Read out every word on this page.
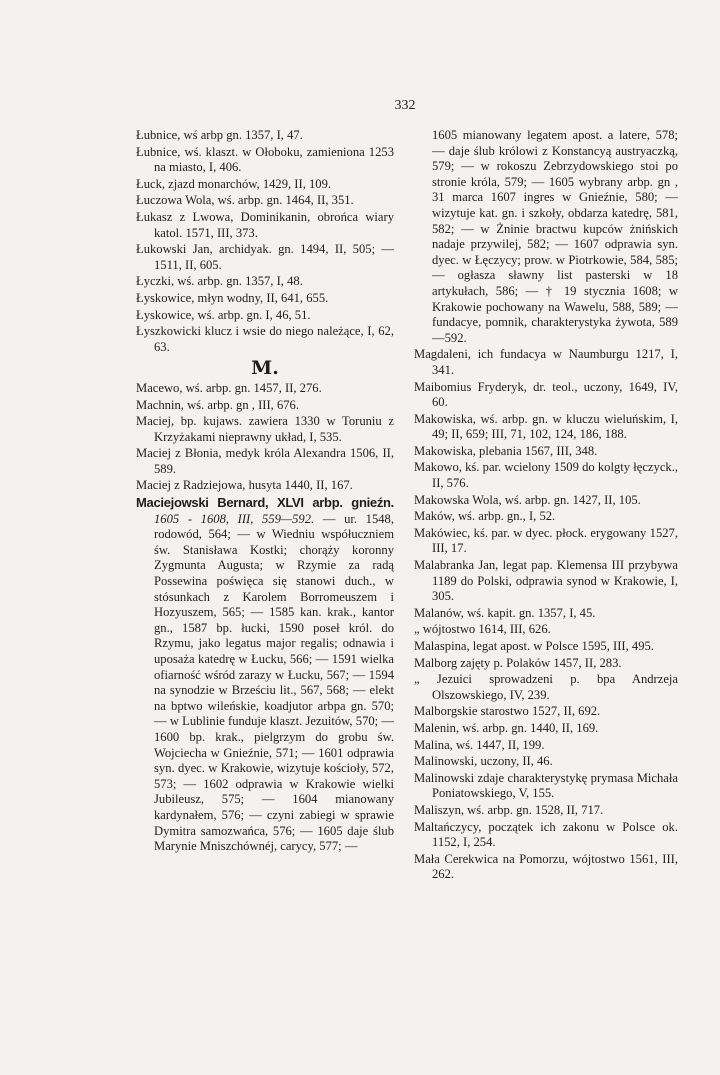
332

Łubnice, wś arbp gn. 1357, I, 47.

Łubnice, wś. klaszt. w Ołoboku, zamieniona 1253 na miasto, I, 406.

Łuck, zjazd monarchów, 1429, II, 109.

Łuczowa Wola, wś. arbp. gn. 1464, II, 351.

Łukasz z Lwowa, Dominikanin, obrońca wiary katol. 1571, III, 373.

Łukowski Jan, archidyak. gn. 1494, II, 505; — 1511, II, 605.

Łyczki, wś. arbp. gn. 1357, I, 48.

Łyskowice, młyn wodny, II, 641, 655.

Łyskowice, wś. arbp. gn. I, 46, 51.

Łyszkowicki klucz i wsie do niego należące, I, 62, 63.

M.

Macewo, wś. arbp. gn. 1457, II, 276.

Machnin, wś. arbp. gn , III, 676.

Maciej, bp. kujaws. zawiera 1330 w Toruniu z Krzyżakami nieprawny układ, I, 535.

Maciej z Błonia, medyk króla Alexandra 1506, II, 589.

Maciej z Radziejowa, husyta 1440, II, 167.

Maciejowski Bernard, XLVI arbp. gnieźn. 1605 - 1608, III, 559—592. — ur. 1548, rodowód, 564; — w Wiedniu współuczniem św. Stanisława Kostki; chorąży koronny Zygmunta Augusta; w Rzymie za radą Possewina poświęca się stanowi duch., w stósunkach z Karolem Borromeuszem i Hozyuszem, 565; — 1585 kan. krak., kantor gn., 1587 bp. łucki, 1590 poseł król. do Rzymu, jako legatus major regalis; odnawia i uposaża katedrę w Łucku, 566; — 1591 wielka ofiarność wśród zarazy w Łucku, 567; — 1594 na synodzie w Brześciu lit., 567, 568; — elekt na bptwo wileńskie, koadjutor arbpa gn. 570; — w Lublinie funduje klaszt. Jezuitów, 570; — 1600 bp. krak., pielgrzym do grobu św. Wojciecha w Gnieźnie, 571; — 1601 odprawia syn. dyec. w Krakowie, wizytuje kościoły, 572, 573; — 1602 odprawia w Krakowie wielki Jubileusz, 575; — 1604 mianowany kardynałem, 576; — czyni zabiegi w sprawie Dymitra samozwańca, 576; — 1605 daje ślub Marynie Mniszchównéj, carycy, 577; —

1605 mianowany legatem apost. a latere, 578; — daje ślub królowi z Konstancyą austryaczką, 579; — w rokoszu Zebrzydowskiego stoi po stronie króla, 579; — 1605 wybrany arbp. gn , 31 marca 1607 ingres w Gnieźnie, 580; — wizytuje kat. gn. i szkoły, obdarza katedrę, 581, 582; — w Żninie bractwu kupców żnińskich nadaje przywilej, 582; — 1607 odprawia syn. dyec. w Łęczycy; prow. w Piotrkowie, 584, 585; — ogłasza sławny list pasterski w 18 artykułach, 586; — † 19 stycznia 1608; w Krakowie pochowany na Wawelu, 588, 589; — fundacye, pomnik, charakterystyka żywota, 589—592.

Magdaleni, ich fundacya w Naumburgu 1217, I, 341.

Maibomius Fryderyk, dr. teol., uczony, 1649, IV, 60.

Makowiska, wś. arbp. gn. w kluczu wieluńskim, I, 49; II, 659; III, 71, 102, 124, 186, 188.

Makowiska, plebania 1567, III, 348.

Makowo, kś. par. wcielony 1509 do kolgty łęczyck., II, 576.

Makowska Wola, wś. arbp. gn. 1427, II, 105.

Maków, wś. arbp. gn., I, 52.

Makówiec, kś. par. w dyec. płock. erygowany 1527, III, 17.

Malabranka Jan, legat pap. Klemensa III przybywa 1189 do Polski, odprawia synod w Krakowie, I, 305.

Malanów, wś. kapit. gn. 1357, I, 45.

„ wójtostwo 1614, III, 626.

Malaspina, legat apost. w Polsce 1595, III, 495.

Malborg zajęty p. Polaków 1457, II, 283.

„ Jezuici sprowadzeni p. bpa Andrzeja Olszowskiego, IV, 239.

Malborgskie starostwo 1527, II, 692.

Malenin, wś. arbp. gn. 1440, II, 169.

Malina, wś. 1447, II, 199.

Malinowski, uczony, II, 46.

Malinowski zdaje charakterystykę prymasa Michała Poniatowskiego, V, 155.

Maliszyn, wś. arbp. gn. 1528, II, 717.

Maltańczycy, początek ich zakonu w Polsce ok. 1152, I, 254.

Mała Cerekwica na Pomorzu, wójtostwo 1561, III, 262.
